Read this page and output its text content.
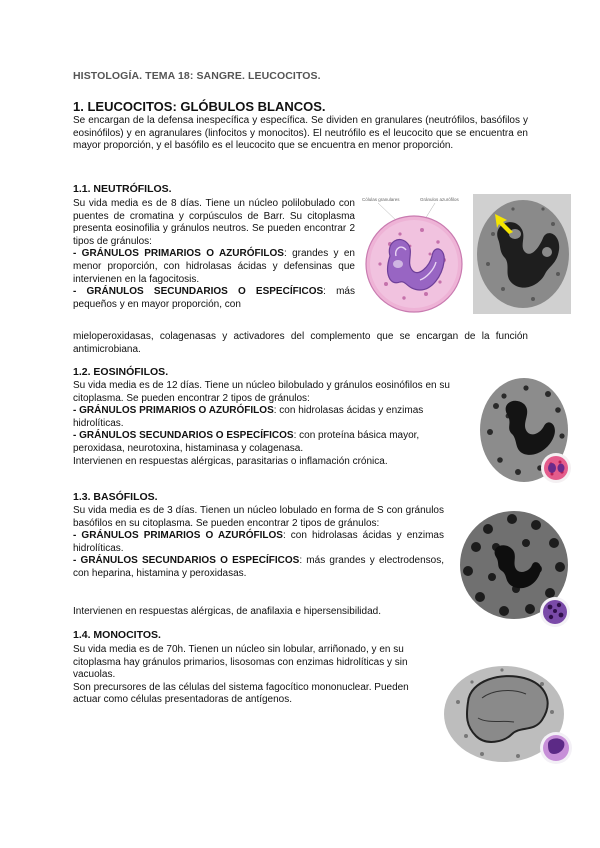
HISTOLOGÍA. TEMA 18: SANGRE. LEUCOCITOS.
1. LEUCOCITOS: GLÓBULOS BLANCOS.

Se encargan de la defensa inespecífica y específica. Se dividen en granulares (neutrófilos, basófilos y eosinófilos) y en agranulares (linfocitos y monocitos). El neutrófilo es el leucocito que se encuentra en mayor proporción, y el basófilo es el leucocito que se encuentra en menor proporción.

1.1. NEUTRÓFILOS.
Su vida media es de 8 días. Tiene un núcleo polilobulado con puentes de cromatina y corpúsculos de Barr. Su citoplasma presenta eosinofilia y gránulos neutros. Se pueden encontrar 2 tipos de gránulos:
- GRÁNULOS PRIMARIOS O AZURÓFILOS: grandes y en menor proporción, con hidrolasas ácidas y defensinas que intervienen en la fagocitosis.
- GRÁNULOS SECUNDARIOS O ESPECÍFICOS: más pequeños y en mayor proporción, con

mieloperoxidasas, colagenasas y activadores del complemento que se encargan de la función antimicrobiana.

Cólulas granulares	Gránulos azurófilos
1.2. EOSINÓFILOS.
Su vida media es de 12 días. Tiene un núcleo bilobulado y gránulos eosinófilos en su citoplasma. Se pueden encontrar 2 tipos de gránulos:
- GRÁNULOS PRIMARIOS O AZURÓFILOS: con hidrolasas ácidas y enzimas hidrolíticas.
- GRÁNULOS SECUNDARIOS O ESPECÍFICOS: con proteína básica mayor, peroxidasa, neurotoxina, histaminasa y colagenasa.
Intervienen en respuestas alérgicas, parasitarias o inflamación crónica.
1.3. BASÓFILOS.
Su vida media es de 3 días. Tienen un núcleo lobulado en forma de S con gránulos basófilos en su citoplasma. Se pueden encontrar 2 tipos de gránulos:
- GRÁNULOS PRIMARIOS O AZURÓFILOS: con hidrolasas ácidas y enzimas hidrolíticas.
- GRÁNULOS SECUNDARIOS O ESPECÍFICOS: más grandes y electrodensos, con heparina, histamina y peroxidasas.

Intervienen en respuestas alérgicas, de anafilaxia e hipersensibilidad.

1.4. MONOCITOS.
Su vida media es de 70h. Tienen un núcleo sin lobular, arriñonado, y en su citoplasma hay gránulos primarios, lisosomas con enzimas hidrolíticas y sin vacuolas.
Son precursores de las células del sistema fagocítico mononuclear. Pueden actuar como células presentadoras de antígenos.
